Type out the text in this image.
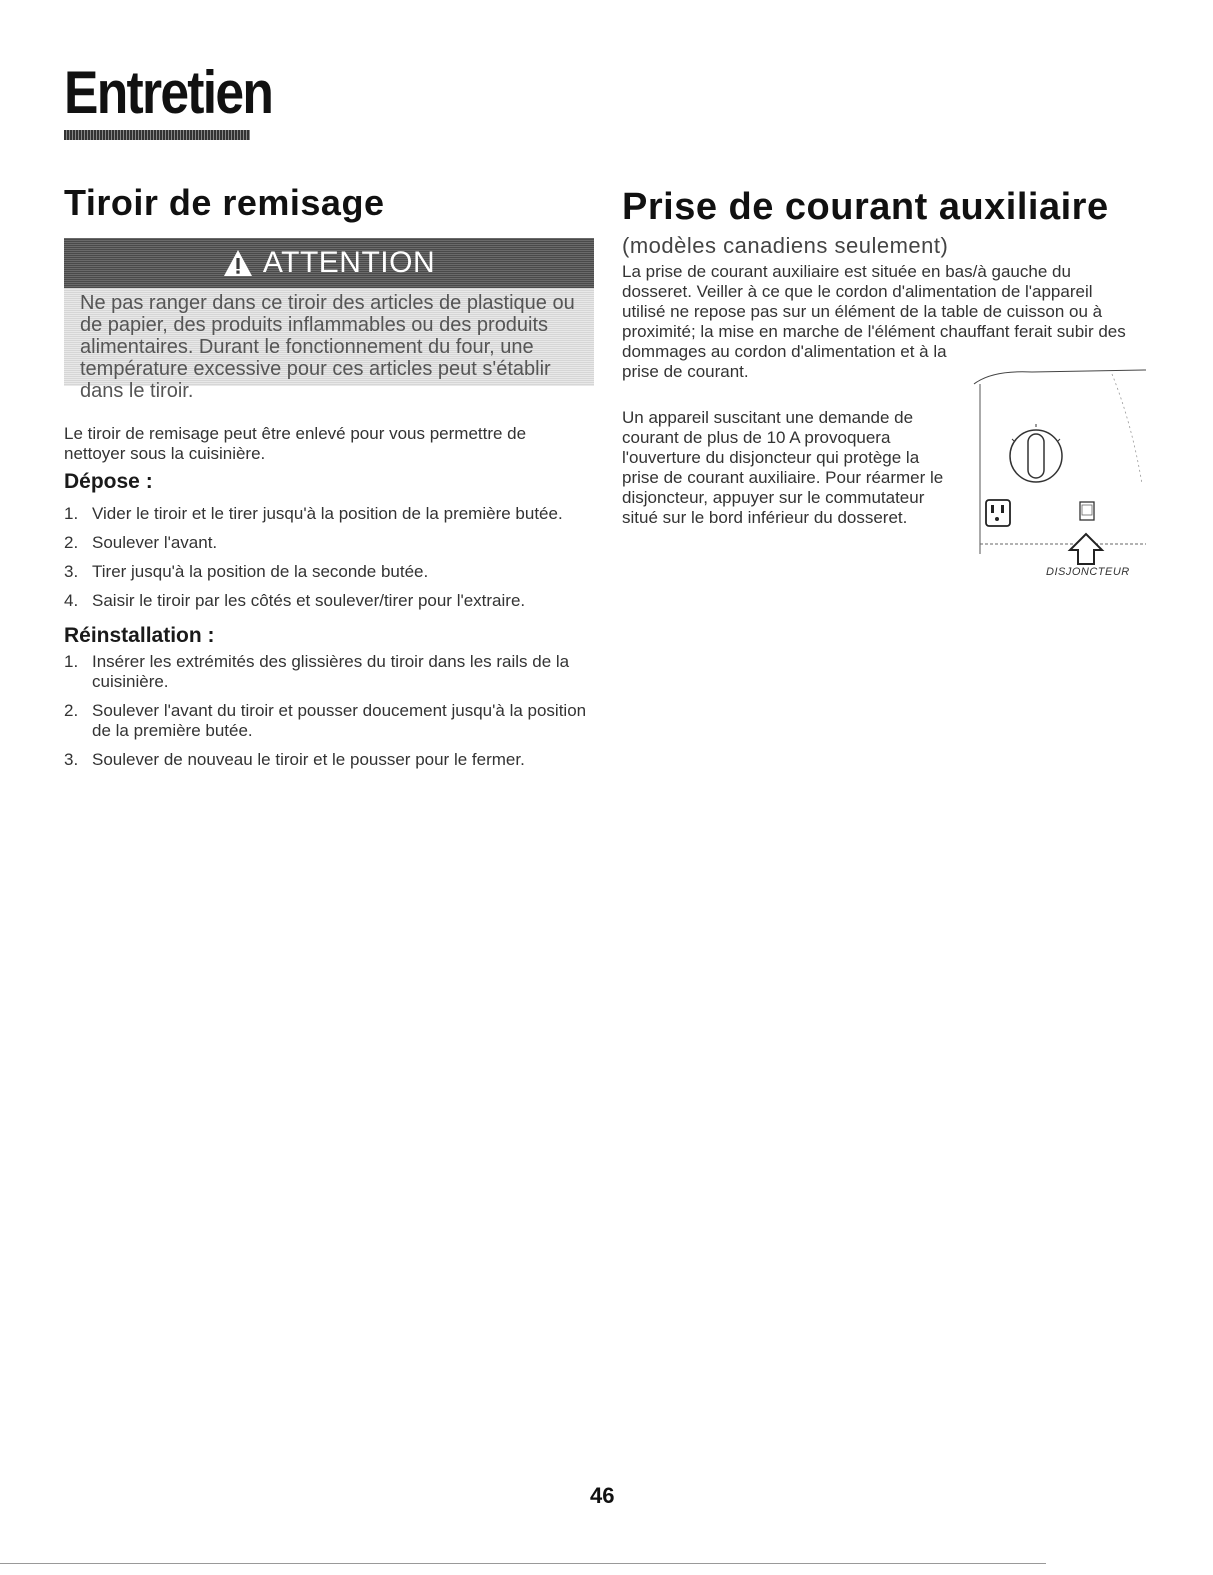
Entretien
Tiroir de remisage
ATTENTION

Ne pas ranger dans ce tiroir des articles de plastique ou de papier, des produits inflammables ou des produits alimentaires. Durant le fonctionnement du four, une température excessive pour ces articles peut s'établir dans le tiroir.

Le tiroir de remisage peut être enlevé pour vous permettre de nettoyer sous la cuisinière.

Dépose :
1. Vider le tiroir et le tirer jusqu'à la position de la première butée.
2. Soulever l'avant.
3. Tirer jusqu'à la position de la seconde butée.
4. Saisir le tiroir par les côtés et soulever/tirer pour l'extraire.
Réinstallation :
1. Insérer les extrémités des glissières du tiroir dans les rails de la cuisinière.
2. Soulever l'avant du tiroir et pousser doucement jusqu'à la position de la première butée.
3. Soulever de nouveau le tiroir et le pousser pour le fermer.
Prise de courant auxiliaire
(modèles canadiens seulement)

La prise de courant auxiliaire est située en bas/à gauche du dosseret. Veiller à ce que le cordon d'alimentation de l'appareil utilisé ne repose pas sur un élément de la table de cuisson ou à proximité; la mise en marche de l'élément chauffant ferait subir des

dommages au cordon d'alimentation et à la prise de courant.

Un appareil suscitant une demande de courant de plus de 10 A provoquera l'ouverture du disjoncteur qui protège la prise de courant auxiliaire. Pour réarmer le disjoncteur, appuyer sur le commutateur situé sur le bord inférieur du dosseret.

DISJONCTEUR
46
